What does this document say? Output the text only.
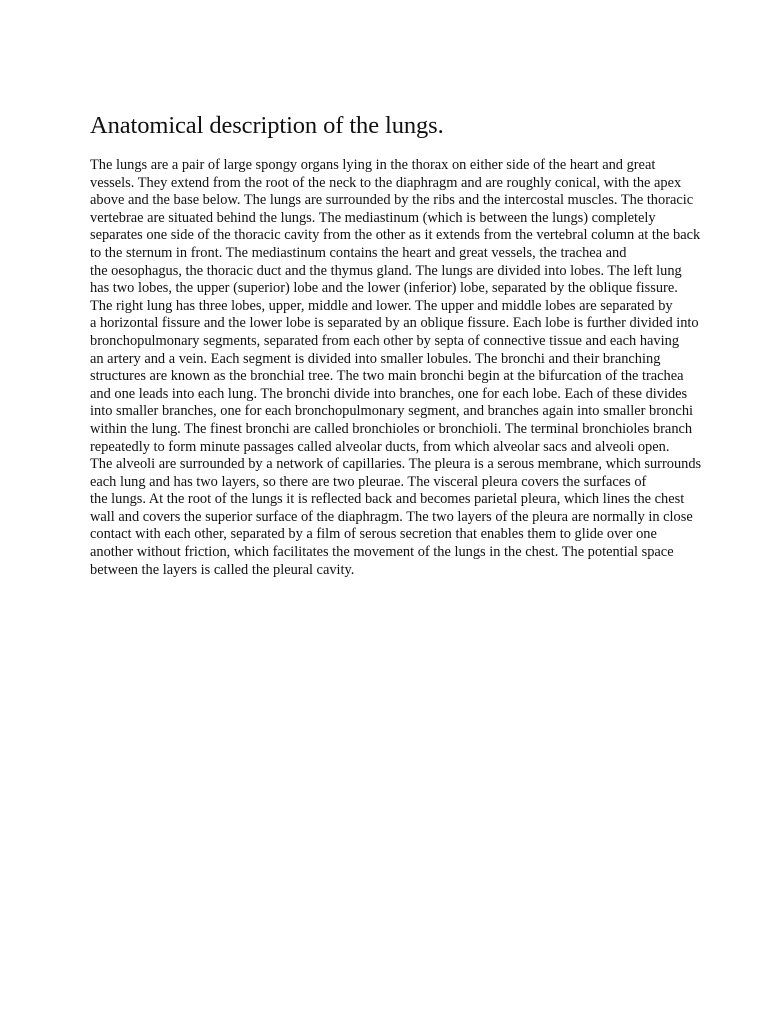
Anatomical description of the lungs.

The lungs are a pair of large spongy organs lying in the thorax on either side of the heart and great
vessels. They extend from the root of the neck to the diaphragm and are roughly conical, with the apex
above and the base below. The lungs are surrounded by the ribs and the intercostal muscles. The thoracic
vertebrae are situated behind the lungs. The mediastinum (which is between the lungs) completely
separates one side of the thoracic cavity from the other as it extends from the vertebral column at the back
to the sternum in front. The mediastinum contains the heart and great vessels, the trachea and
the oesophagus, the thoracic duct and the thymus gland. The lungs are divided into lobes. The left lung
has two lobes, the upper (superior) lobe and the lower (inferior) lobe, separated by the oblique fissure.
The right lung has three lobes, upper, middle and lower. The upper and middle lobes are separated by
a horizontal fissure and the lower lobe is separated by an oblique fissure. Each lobe is further divided into
bronchopulmonary segments, separated from each other by septa of connective tissue and each having
an artery and a vein. Each segment is divided into smaller lobules. The bronchi and their branching
structures are known as the bronchial tree. The two main bronchi begin at the bifurcation of the trachea
and one leads into each lung. The bronchi divide into branches, one for each lobe. Each of these divides
into smaller branches, one for each bronchopulmonary segment, and branches again into smaller bronchi
within the lung. The finest bronchi are called bronchioles or bronchioli. The terminal bronchioles branch
repeatedly to form minute passages called alveolar ducts, from which alveolar sacs and alveoli open.
The alveoli are surrounded by a network of capillaries. The pleura is a serous membrane, which surrounds
each lung and has two layers, so there are two pleurae. The visceral pleura covers the surfaces of
the lungs. At the root of the lungs it is reflected back and becomes parietal pleura, which lines the chest
wall and covers the superior surface of the diaphragm. The two layers of the pleura are normally in close
contact with each other, separated by a film of serous secretion that enables them to glide over one
another without friction, which facilitates the movement of the lungs in the chest. The potential space
between the layers is called the pleural cavity.
